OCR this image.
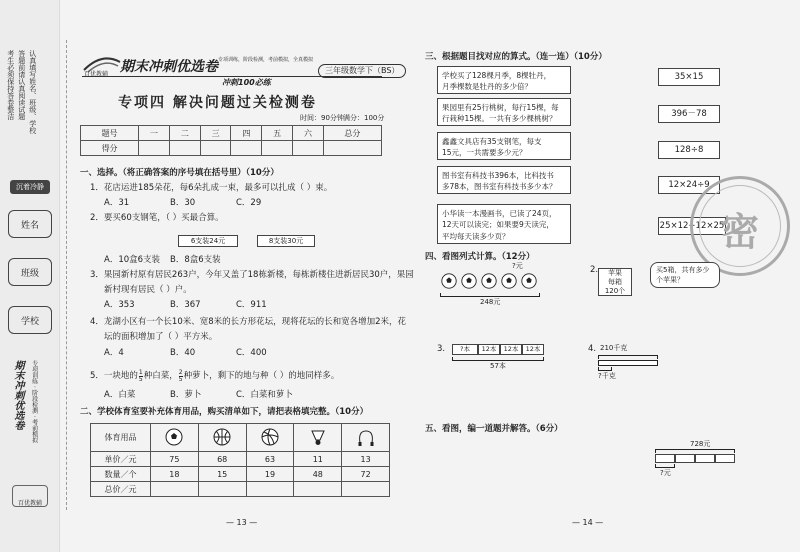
考生必须保持答卷整洁 答题前请认真阅读试题 认真填写姓名、班级、学校
沉着冷静
姓名
班级
学校
期末冲刺优选卷 专项训练 · 阶段检测 · 考前模拟
百优教辅
百优教辅 期末冲刺优选卷 专项训练，阶段检测，考前模拟，全真模拟
三年级数学下（BS）
冲刺100必练
专项四 解决问题过关检测卷
时间：90分钟 满分：100分
题号	一	二	三	四	五	六	总分
得分							
一、选择。（将正确答案的序号填在括号里）（10分）
1．花店运进185朵花，每6朵扎成一束，最多可以扎成（ ）束。
A．31	B．30	C．29
2．要买60支钢笔，（ ）买最合算。
6支装24元	8支装30元
A．10盒6支装 B．8盒6支装
3．果园新村原有居民263户，今年又盖了18栋新楼，每栋新楼住进新居民30户，果园
新村现有居民（ ）户。
A．353	B．367	C．911
4．龙湖小区有一个长10米、宽8米的长方形花坛，现将花坛的长和宽各增加2米，花
坛的面积增加了（ ）平方米。
A．4	B．40	C．400
5．一块地的 $\frac{1}{5}$ 种白菜， $\frac{2}{5}$ 种萝卜，剩下的地与种（ ）的地同样多。
A．白菜	B．萝卜	C．白菜和萝卜
二、学校体育室要补充体育用品，购买清单如下，请把表格填完整。（10分）
体育用品					
单价／元	75	68	63	11	13
数量／个	18	15	19	48	72
总价／元					
— 13 —
三、根据题目找对应的算式。（连一连）（10分）
学校买了128棵月季，8棵牡丹，
月季棵数是牡丹的多少倍？
果园里有25行桃树，每行15棵，每
行栽种15棵。一共有多少棵桃树？
鑫鑫文具店有35支钢笔，每支
15元，一共需要多少元？
图书室有科技书396本，比科技书
多78本，图书室有科技书多少本？
小华读一本漫画书，已读了24页，
12天可以读完；如果要9天读完，
平均每天读多少页？
35×15
396－78
128÷8
12×24÷9
25×12÷12×25
密
四、看图列式计算。（12分）
?元
248元
2.	苹果
每箱
120个
买5箱，共有多少个苹果？
3.	?本	12本	12本	12本
57本
4. 210千克
?千克
五、看图，编一道题并解答。（6分）
728元
?元
— 14 —
